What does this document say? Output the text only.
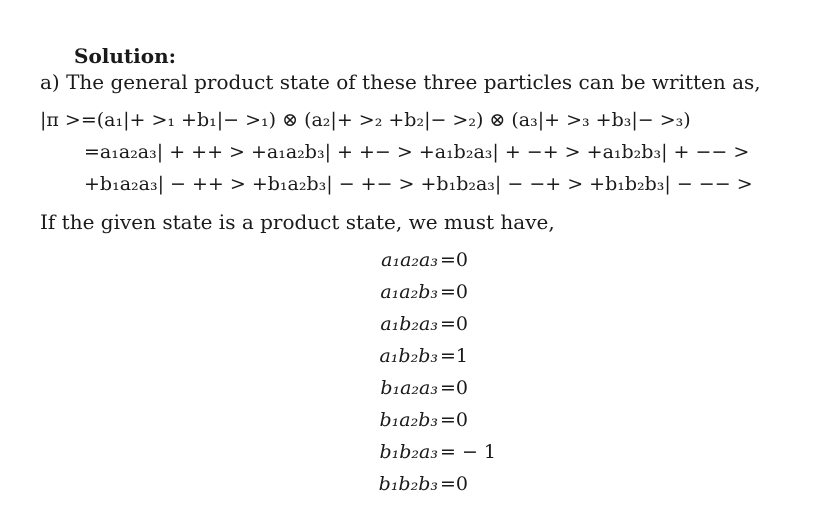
Solution:
a) The general product state of these three particles can be written as,
|π >=(a₁|+ >₁ +b₁|− >₁) ⊗ (a₂|+ >₂ +b₂|− >₂) ⊗ (a₃|+ >₃ +b₃|− >₃)
=a₁a₂a₃| + ++ > +a₁a₂b₃| + +− > +a₁b₂a₃| + −+ > +a₁b₂b₃| + −− >
+b₁a₂a₃| − ++ > +b₁a₂b₃| − +− > +b₁b₂a₃| − −+ > +b₁b₂b₃| − −− >
If the given state is a product state, we must have,
a₁a₂a₃ =0
a₁a₂b₃ =0
a₁b₂a₃ =0
a₁b₂b₃ =1
b₁a₂a₃ =0
b₁a₂b₃ =0
b₁b₂a₃ = − 1
b₁b₂b₃ =0
